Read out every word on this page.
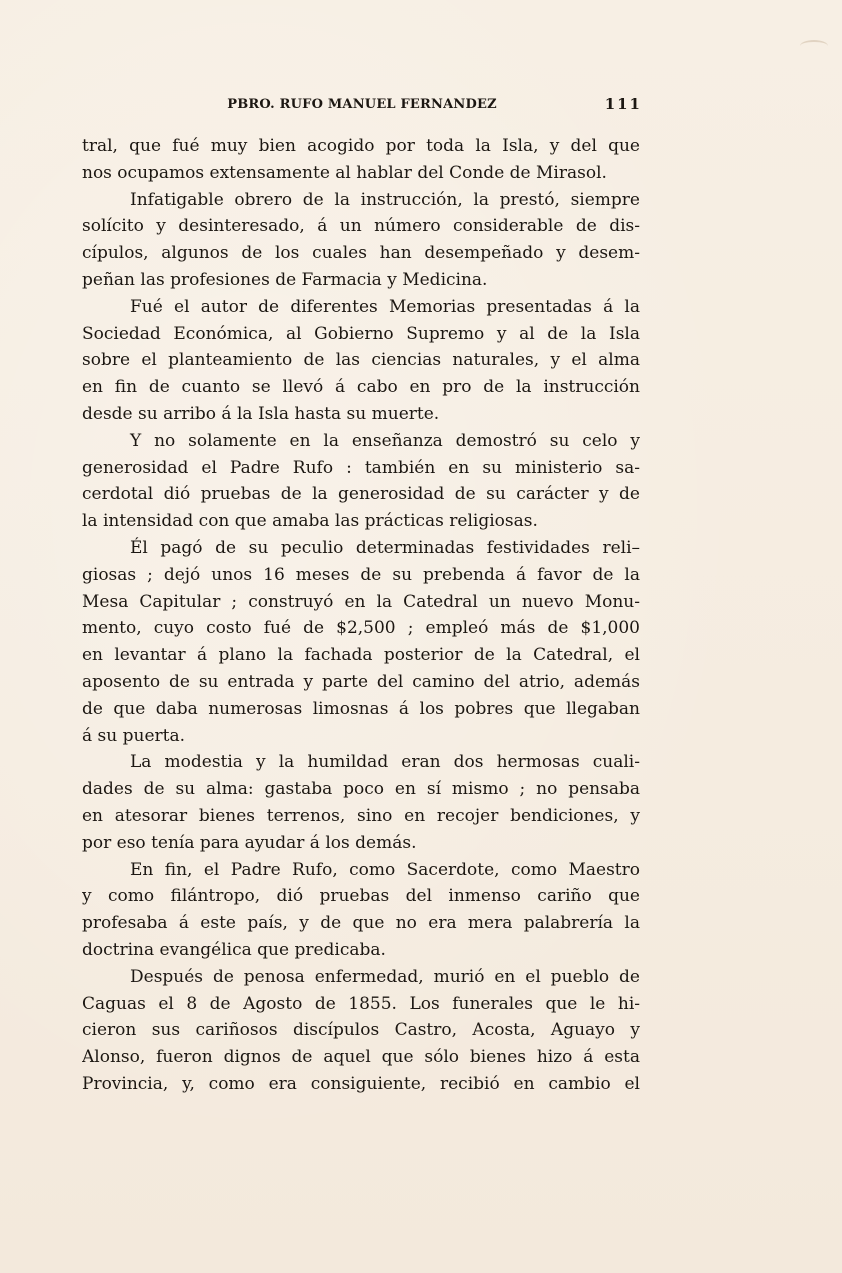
PBRO. RUFO MANUEL FERNANDEZ	111
tral, que fué muy bien acogido por toda la Isla, y del que
nos ocupamos extensamente al hablar del Conde de Mirasol.
Infatigable obrero de la instrucción, la prestó, siempre
solícito y desinteresado, á un número considerable de dis-
cípulos, algunos de los cuales han desempeñado y desem-
peñan las profesiones de Farmacia y Medicina.
Fué el autor de diferentes Memorias presentadas á la
Sociedad Económica, al Gobierno Supremo y al de la Isla
sobre el planteamiento de las ciencias naturales, y el alma
en fin de cuanto se llevó á cabo en pro de la instrucción
desde su arribo á la Isla hasta su muerte.
Y no solamente en la enseñanza demostró su celo y
generosidad el Padre Rufo : también en su ministerio sa-
cerdotal dió pruebas de la generosidad de su carácter y de
la intensidad con que amaba las prácticas religiosas.
Él pagó de su peculio determinadas festividades reli–
giosas ; dejó unos 16 meses de su prebenda á favor de la
Mesa Capitular ; construyó en la Catedral un nuevo Monu-
mento, cuyo costo fué de $2,500 ; empleó más de $1,000
en levantar á plano la fachada posterior de la Catedral, el
aposento de su entrada y parte del camino del atrio, además
de que daba numerosas limosnas á los pobres que llegaban
á su puerta.
La modestia y la humildad eran dos hermosas cuali-
dades de su alma: gastaba poco en sí mismo ; no pensaba
en atesorar bienes terrenos, sino en recojer bendiciones, y
por eso tenía para ayudar á los demás.
En fin, el Padre Rufo, como Sacerdote, como Maestro
y como filántropo, dió pruebas del inmenso cariño que
profesaba á este país, y de que no era mera palabrería la
doctrina evangélica que predicaba.
Después de penosa enfermedad, murió en el pueblo de
Caguas el 8 de Agosto de 1855. Los funerales que le hi-
cieron sus cariñosos discípulos Castro, Acosta, Aguayo y
Alonso, fueron dignos de aquel que sólo bienes hizo á esta
Provincia, y, como era consiguiente, recibió en cambio el
